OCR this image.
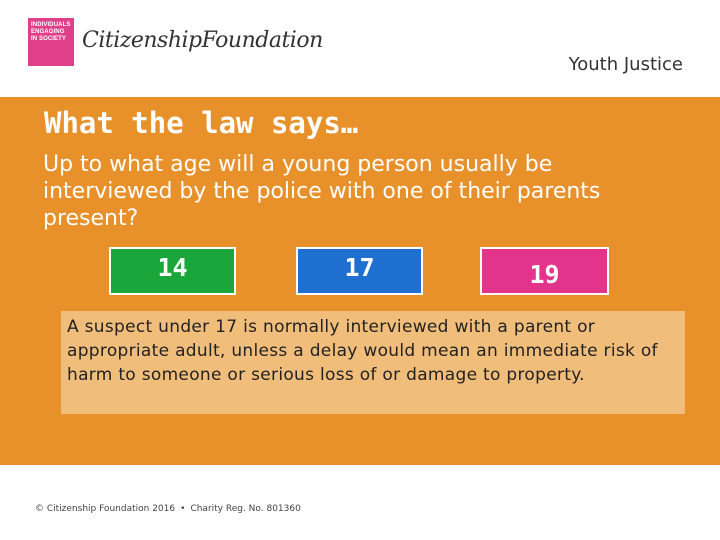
INDIVIDUALS ENGAGING IN SOCIETY CitizenshipFoundation
Youth Justice
What the law says…

Up to what age will a young person usually be interviewed by the police with one of their parents present?

14	17	19
A suspect under 17 is normally interviewed with a parent or appropriate adult, unless a delay would mean an immediate risk of harm to someone or serious loss of or damage to property.
© Citizenship Foundation 2016 • Charity Reg. No. 801360
